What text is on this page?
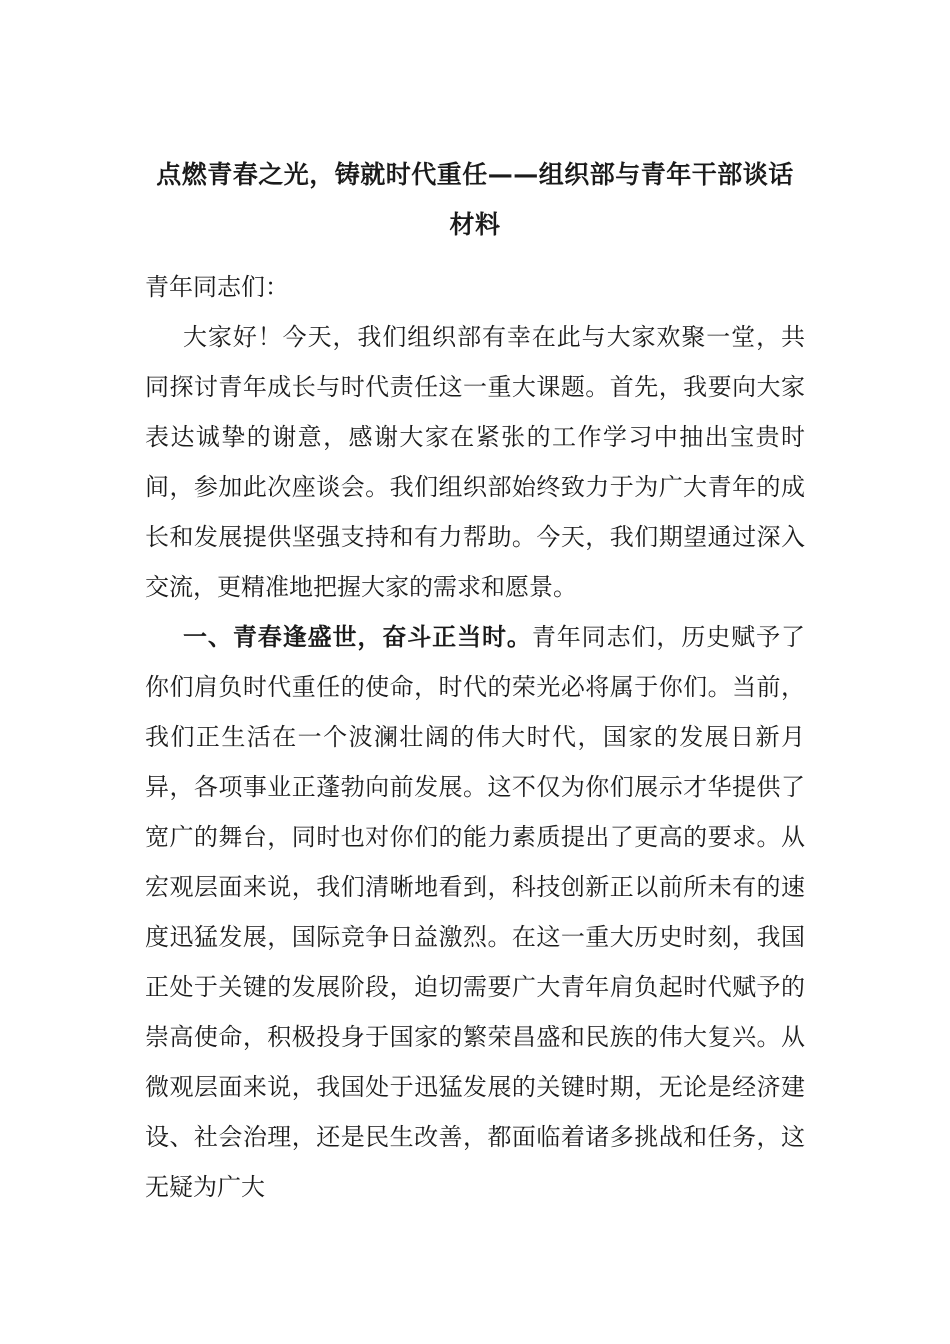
点燃青春之光，铸就时代重任——组织部与青年干部谈话
材料

青年同志们：

大家好！今天，我们组织部有幸在此与大家欢聚一堂，共同探讨青年成长与时代责任这一重大课题。首先，我要向大家表达诚挚的谢意，感谢大家在紧张的工作学习中抽出宝贵时间，参加此次座谈会。我们组织部始终致力于为广大青年的成长和发展提供坚强支持和有力帮助。今天，我们期望通过深入交流，更精准地把握大家的需求和愿景。

一、青春逢盛世，奋斗正当时。青年同志们，历史赋予了你们肩负时代重任的使命，时代的荣光必将属于你们。当前，我们正生活在一个波澜壮阔的伟大时代，国家的发展日新月异，各项事业正蓬勃向前发展。这不仅为你们展示才华提供了宽广的舞台，同时也对你们的能力素质提出了更高的要求。从宏观层面来说，我们清晰地看到，科技创新正以前所未有的速度迅猛发展，国际竞争日益激烈。在这一重大历史时刻，我国正处于关键的发展阶段，迫切需要广大青年肩负起时代赋予的崇高使命，积极投身于国家的繁荣昌盛和民族的伟大复兴。从微观层面来说，我国处于迅猛发展的关键时期，无论是经济建设、社会治理，还是民生改善，都面临着诸多挑战和任务，这无疑为广大
